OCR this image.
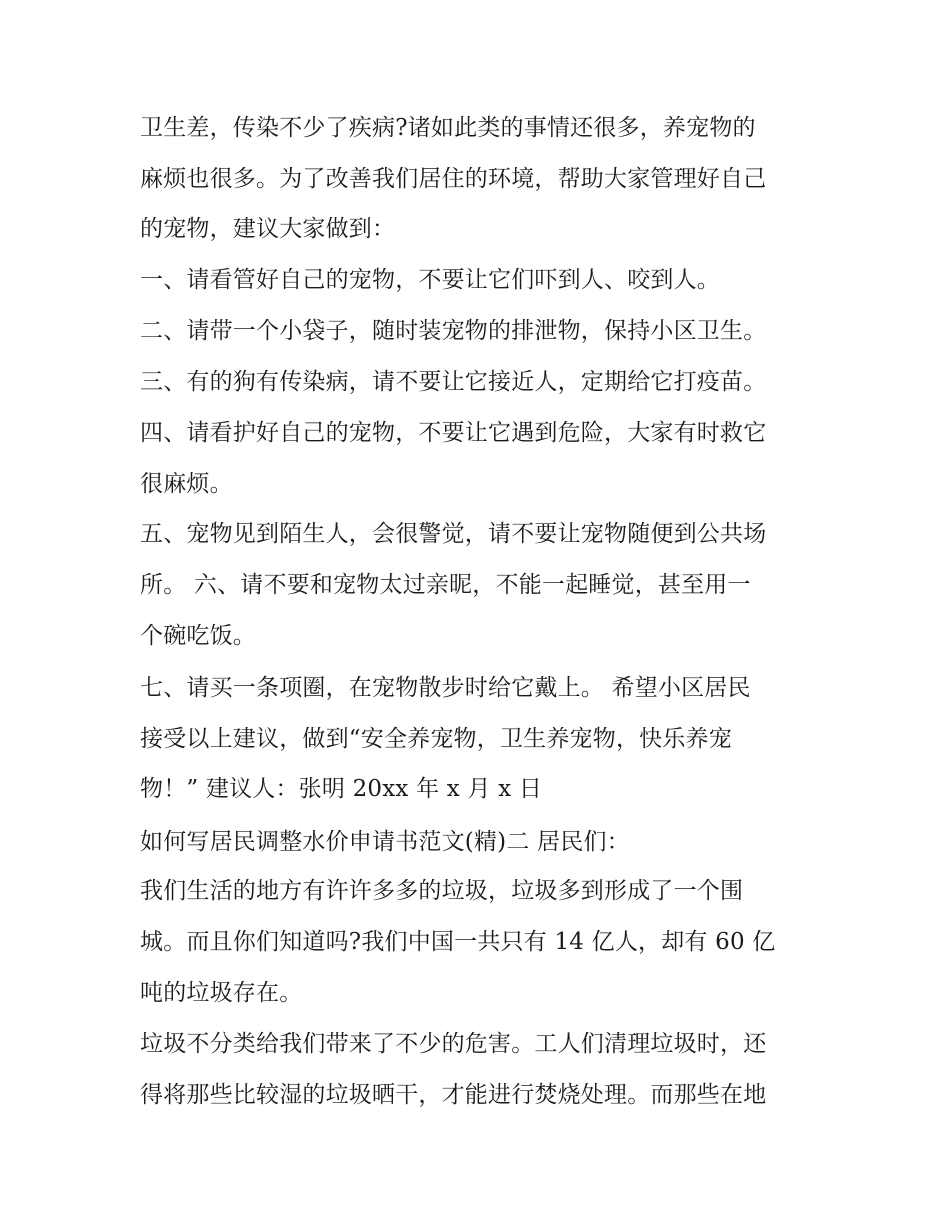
卫生差，传染不少了疾病?诸如此类的事情还很多，养宠物的
麻烦也很多。为了改善我们居住的环境，帮助大家管理好自己
的宠物，建议大家做到：
一、请看管好自己的宠物，不要让它们吓到人、咬到人。
二、请带一个小袋子，随时装宠物的排泄物，保持小区卫生。
三、有的狗有传染病，请不要让它接近人，定期给它打疫苗。
四、请看护好自己的宠物，不要让它遇到危险，大家有时救它
很麻烦。
五、宠物见到陌生人，会很警觉，请不要让宠物随便到公共场
所。 六、请不要和宠物太过亲昵，不能一起睡觉，甚至用一
个碗吃饭。
七、请买一条项圈，在宠物散步时给它戴上。 希望小区居民
接受以上建议，做到“安全养宠物，卫生养宠物，快乐养宠
物！” 建议人：张明 20xx 年 x 月 x 日
如何写居民调整水价申请书范文(精)二 居民们：
我们生活的地方有许许多多的垃圾，垃圾多到形成了一个围
城。而且你们知道吗?我们中国一共只有 14 亿人，却有 60 亿
吨的垃圾存在。
垃圾不分类给我们带来了不少的危害。工人们清理垃圾时，还
得将那些比较湿的垃圾晒干，才能进行焚烧处理。而那些在地
